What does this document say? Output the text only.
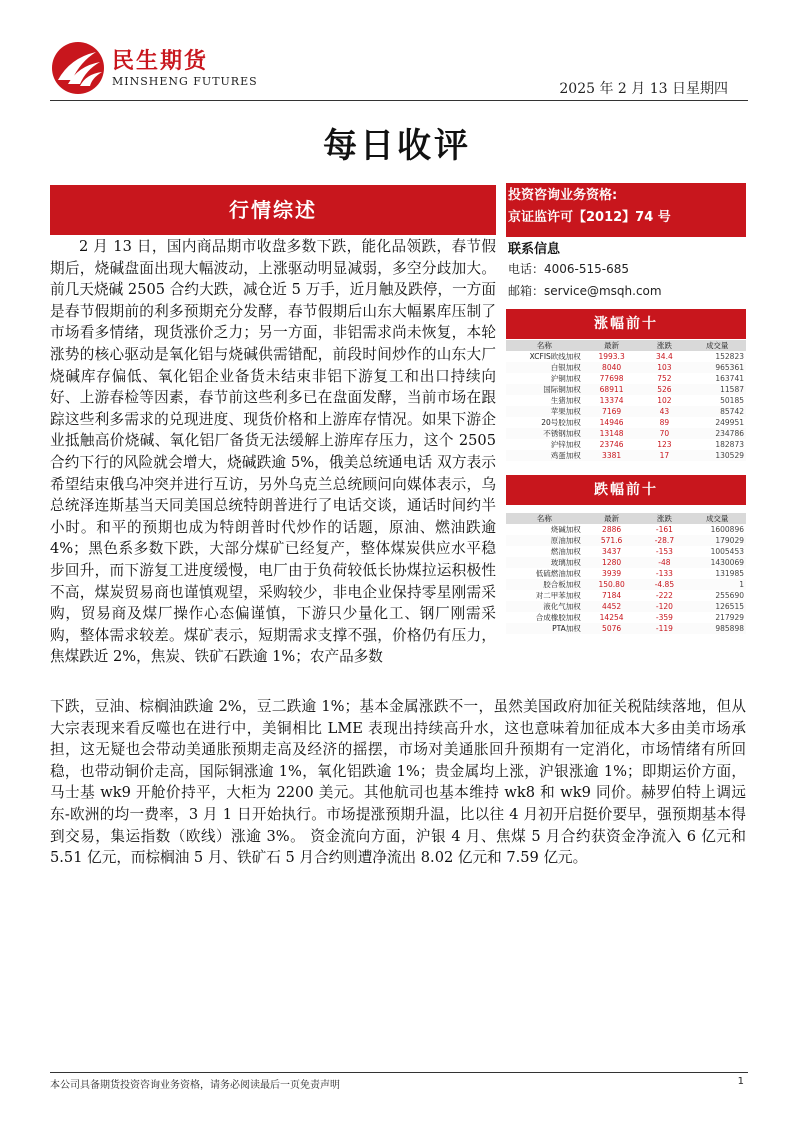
民生期货
MINSHENG FUTURES	2025 年 2 月 13 日星期四
每日收评
行情综述
投资咨询业务资格:
京证监许可【2012】74 号
联系信息
电话：4006-515-685
邮箱：service@msqh.com
涨幅前十
名称	最新	涨跌	成交量
XCFIS欧线加权	1993.3	34.4	152823
白银加权	8040	103	965361
沪铜加权	77698	752	163741
国际铜加权	68911	526	11587
生猪加权	13374	102	50185
苹果加权	7169	43	85742
20号胶加权	14946	89	249951
不锈钢加权	13148	70	234786
沪锌加权	23746	123	182873
鸡蛋加权	3381	17	130529
跌幅前十
名称	最新	涨跌	成交量
烧碱加权	2886	-161	1600896
原油加权	571.6	-28.7	179029
燃油加权	3437	-153	1005453
玻璃加权	1280	-48	1430069
低硫燃油加权	3939	-133	131985
胶合板加权	150.80	-4.85	1
对二甲苯加权	7184	-222	255690
液化气加权	4452	-120	126515
合成橡胶加权	14254	-359	217929
PTA加权	5076	-119	985898
2 月 13 日，国内商品期市收盘多数下跌，能化品领跌，春节假期后，烧碱盘面出现大幅波动，上涨驱动明显减弱，多空分歧加大。前几天烧碱 2505 合约大跌，减仓近 5 万手，近月触及跌停，一方面是春节假期前的利多预期充分发酵，春节假期后山东大幅累库压制了市场看多情绪，现货涨价乏力；另一方面，非铝需求尚未恢复，本轮涨势的核心驱动是氧化铝与烧碱供需错配，前段时间炒作的山东大厂烧碱库存偏低、氧化铝企业备货未结束非铝下游复工和出口持续向好、上游春检等因素，春节前这些利多已在盘面发酵，当前市场在跟踪这些利多需求的兑现进度、现货价格和上游库存情况。如果下游企业抵触高价烧碱、氧化铝厂备货无法缓解上游库存压力，这个 2505 合约下行的风险就会增大，烧碱跌逾 5%，俄美总统通电话 双方表示希望结束俄乌冲突并进行互访，另外乌克兰总统顾问向媒体表示，乌总统泽连斯基当天同美国总统特朗普进行了电话交谈，通话时间约半小时。和平的预期也成为特朗普时代炒作的话题，原油、燃油跌逾 4%；黑色系多数下跌，大部分煤矿已经复产，整体煤炭供应水平稳步回升，而下游复工进度缓慢，电厂由于负荷较低长协煤拉运积极性不高，煤炭贸易商也谨慎观望，采购较少，非电企业保持零星刚需采购，贸易商及煤厂操作心态偏谨慎，下游只少量化工、钢厂刚需采购，整体需求较差。煤矿表示，短期需求支撑不强，价格仍有压力，焦煤跌近 2%，焦炭、铁矿石跌逾 1%；农产品多数
下跌，豆油、棕榈油跌逾 2%，豆二跌逾 1%；基本金属涨跌不一，虽然美国政府加征关税陆续落地，但从大宗表现来看反噬也在进行中，美铜相比 LME 表现出持续高升水，这也意味着加征成本大多由美市场承担，这无疑也会带动美通胀预期走高及经济的摇摆，市场对美通胀回升预期有一定消化，市场情绪有所回稳，也带动铜价走高，国际铜涨逾 1%，氧化铝跌逾 1%；贵金属均上涨，沪银涨逾 1%；即期运价方面，马士基 wk9 开舱价持平，大柜为 2200 美元。其他航司也基本维持 wk8 和 wk9 同价。赫罗伯特上调远东-欧洲的均一费率，3 月 1 日开始执行。市场提涨预期升温，比以往 4 月初开启挺价要早，强预期基本得到交易，集运指数（欧线）涨逾 3%。 资金流向方面，沪银 4 月、焦煤 5 月合约获资金净流入 6 亿元和 5.51 亿元，而棕榈油 5 月、铁矿石 5 月合约则遭净流出 8.02 亿元和 7.59 亿元。
本公司具备期货投资咨询业务资格，请务必阅读最后一页免责声明	1
